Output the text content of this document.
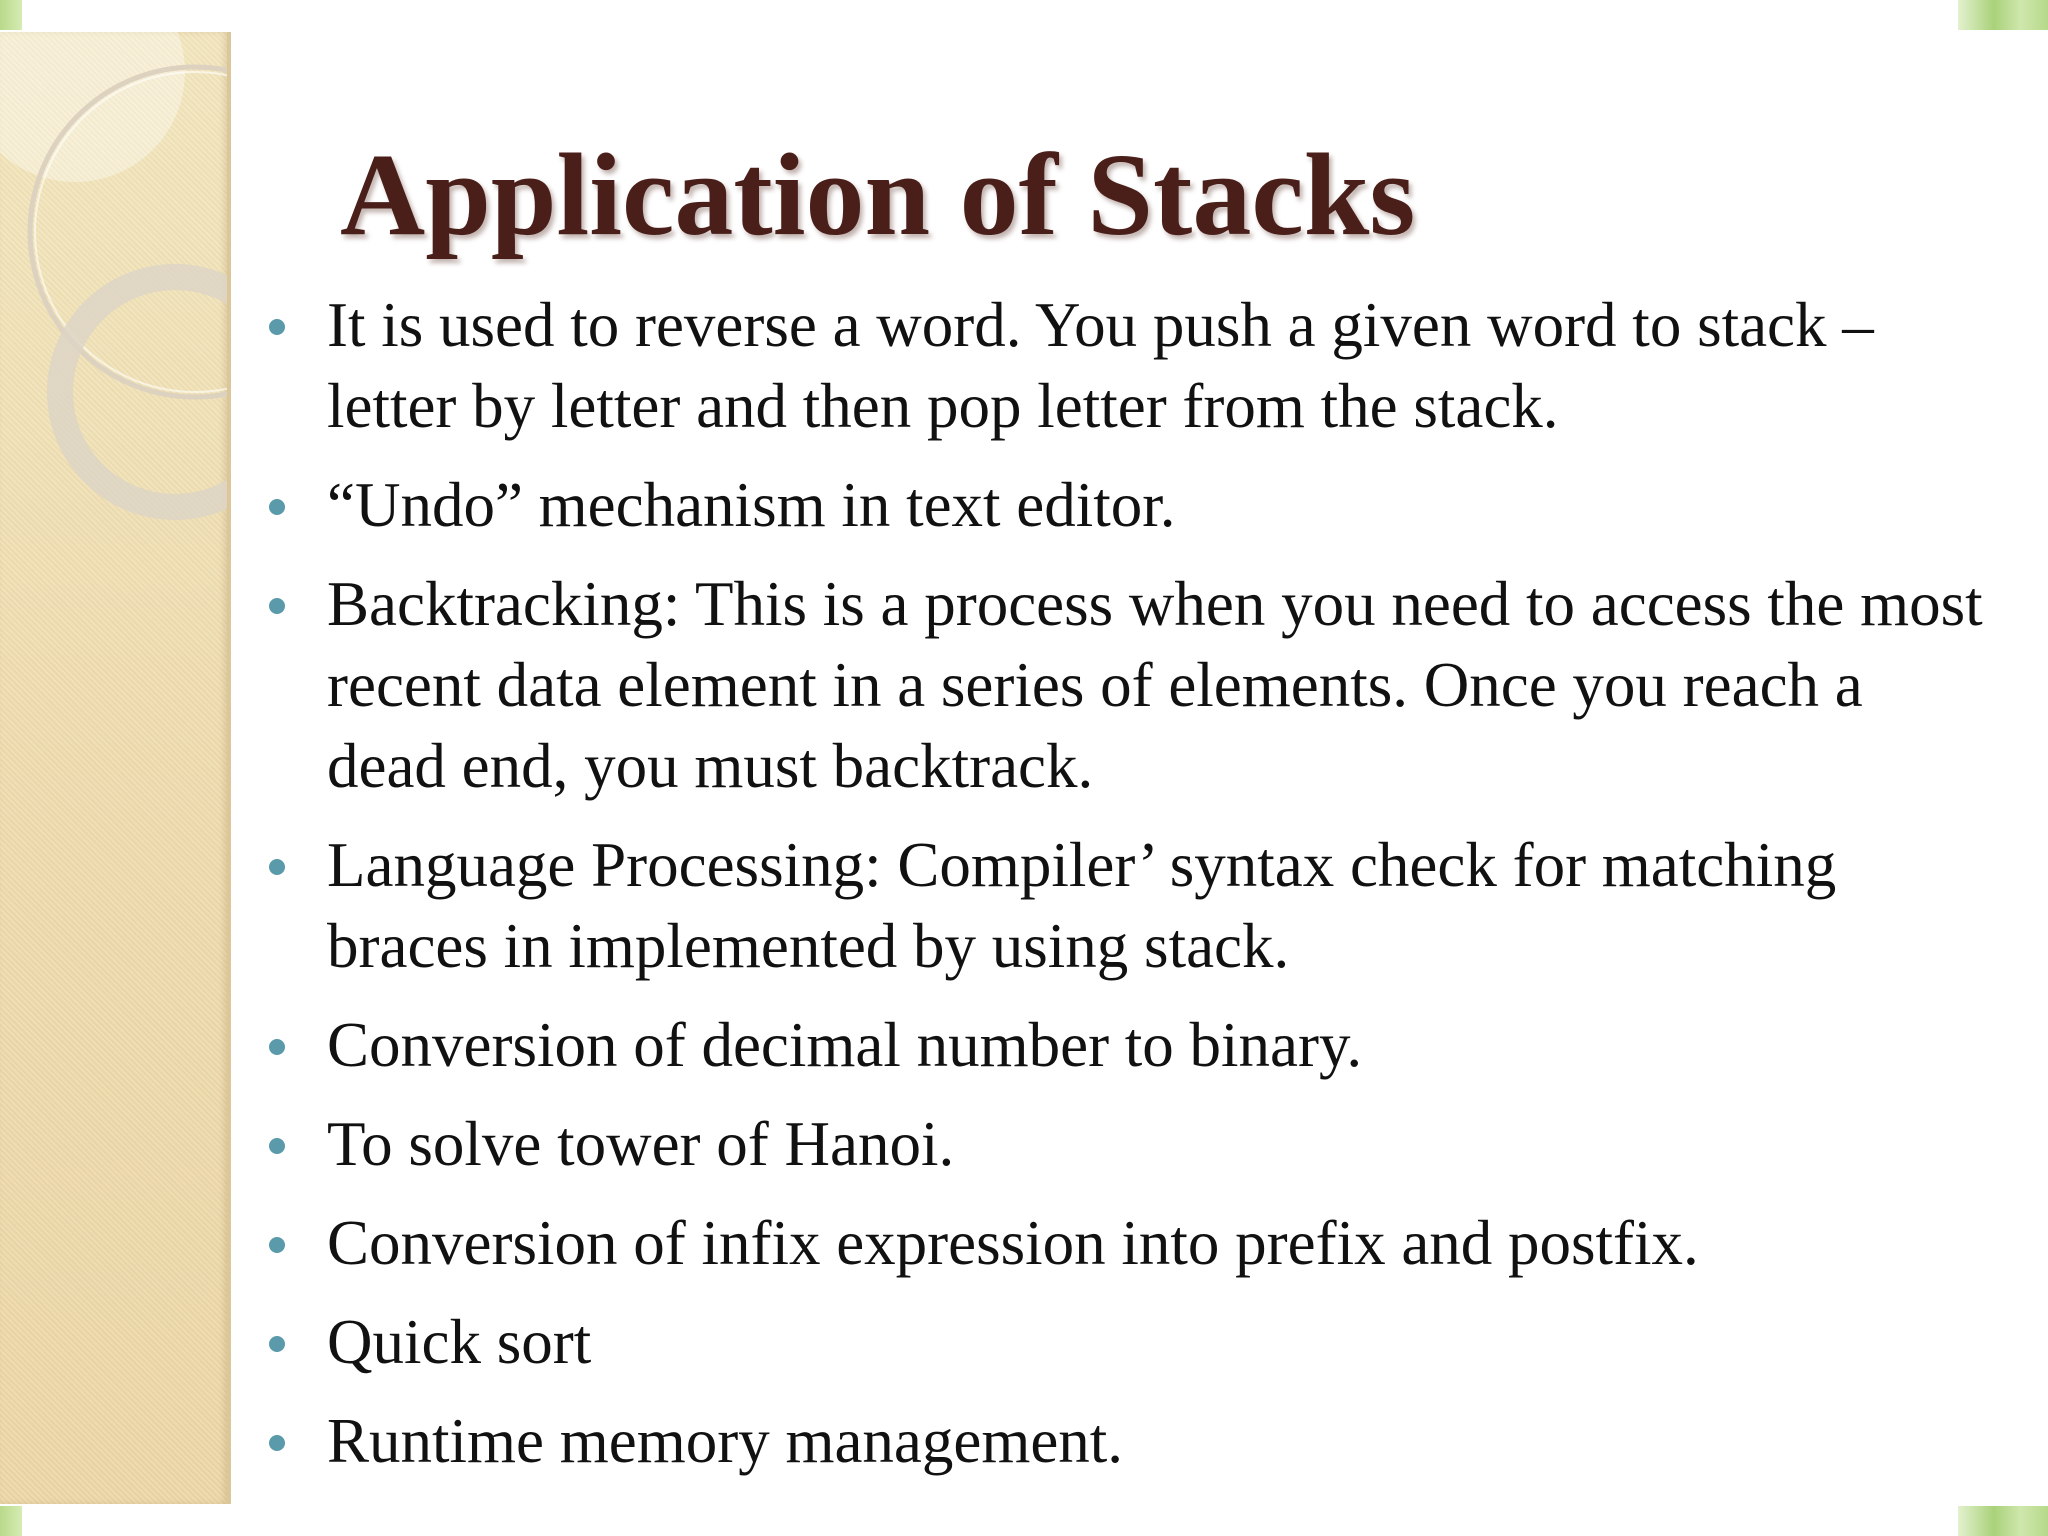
Application of Stacks
It is used to reverse a word. You push a given word to stack – letter by letter and then pop letter from the stack.
“Undo” mechanism in text editor.
Backtracking: This is a process when you need to access the most recent data element in a series of elements. Once you reach a dead end, you must backtrack.
Language Processing: Compiler’ syntax check for matching braces in implemented by using stack.
Conversion of decimal number to binary.
To solve tower of Hanoi.
Conversion of infix expression into prefix and postfix.
Quick sort
Runtime memory management.
